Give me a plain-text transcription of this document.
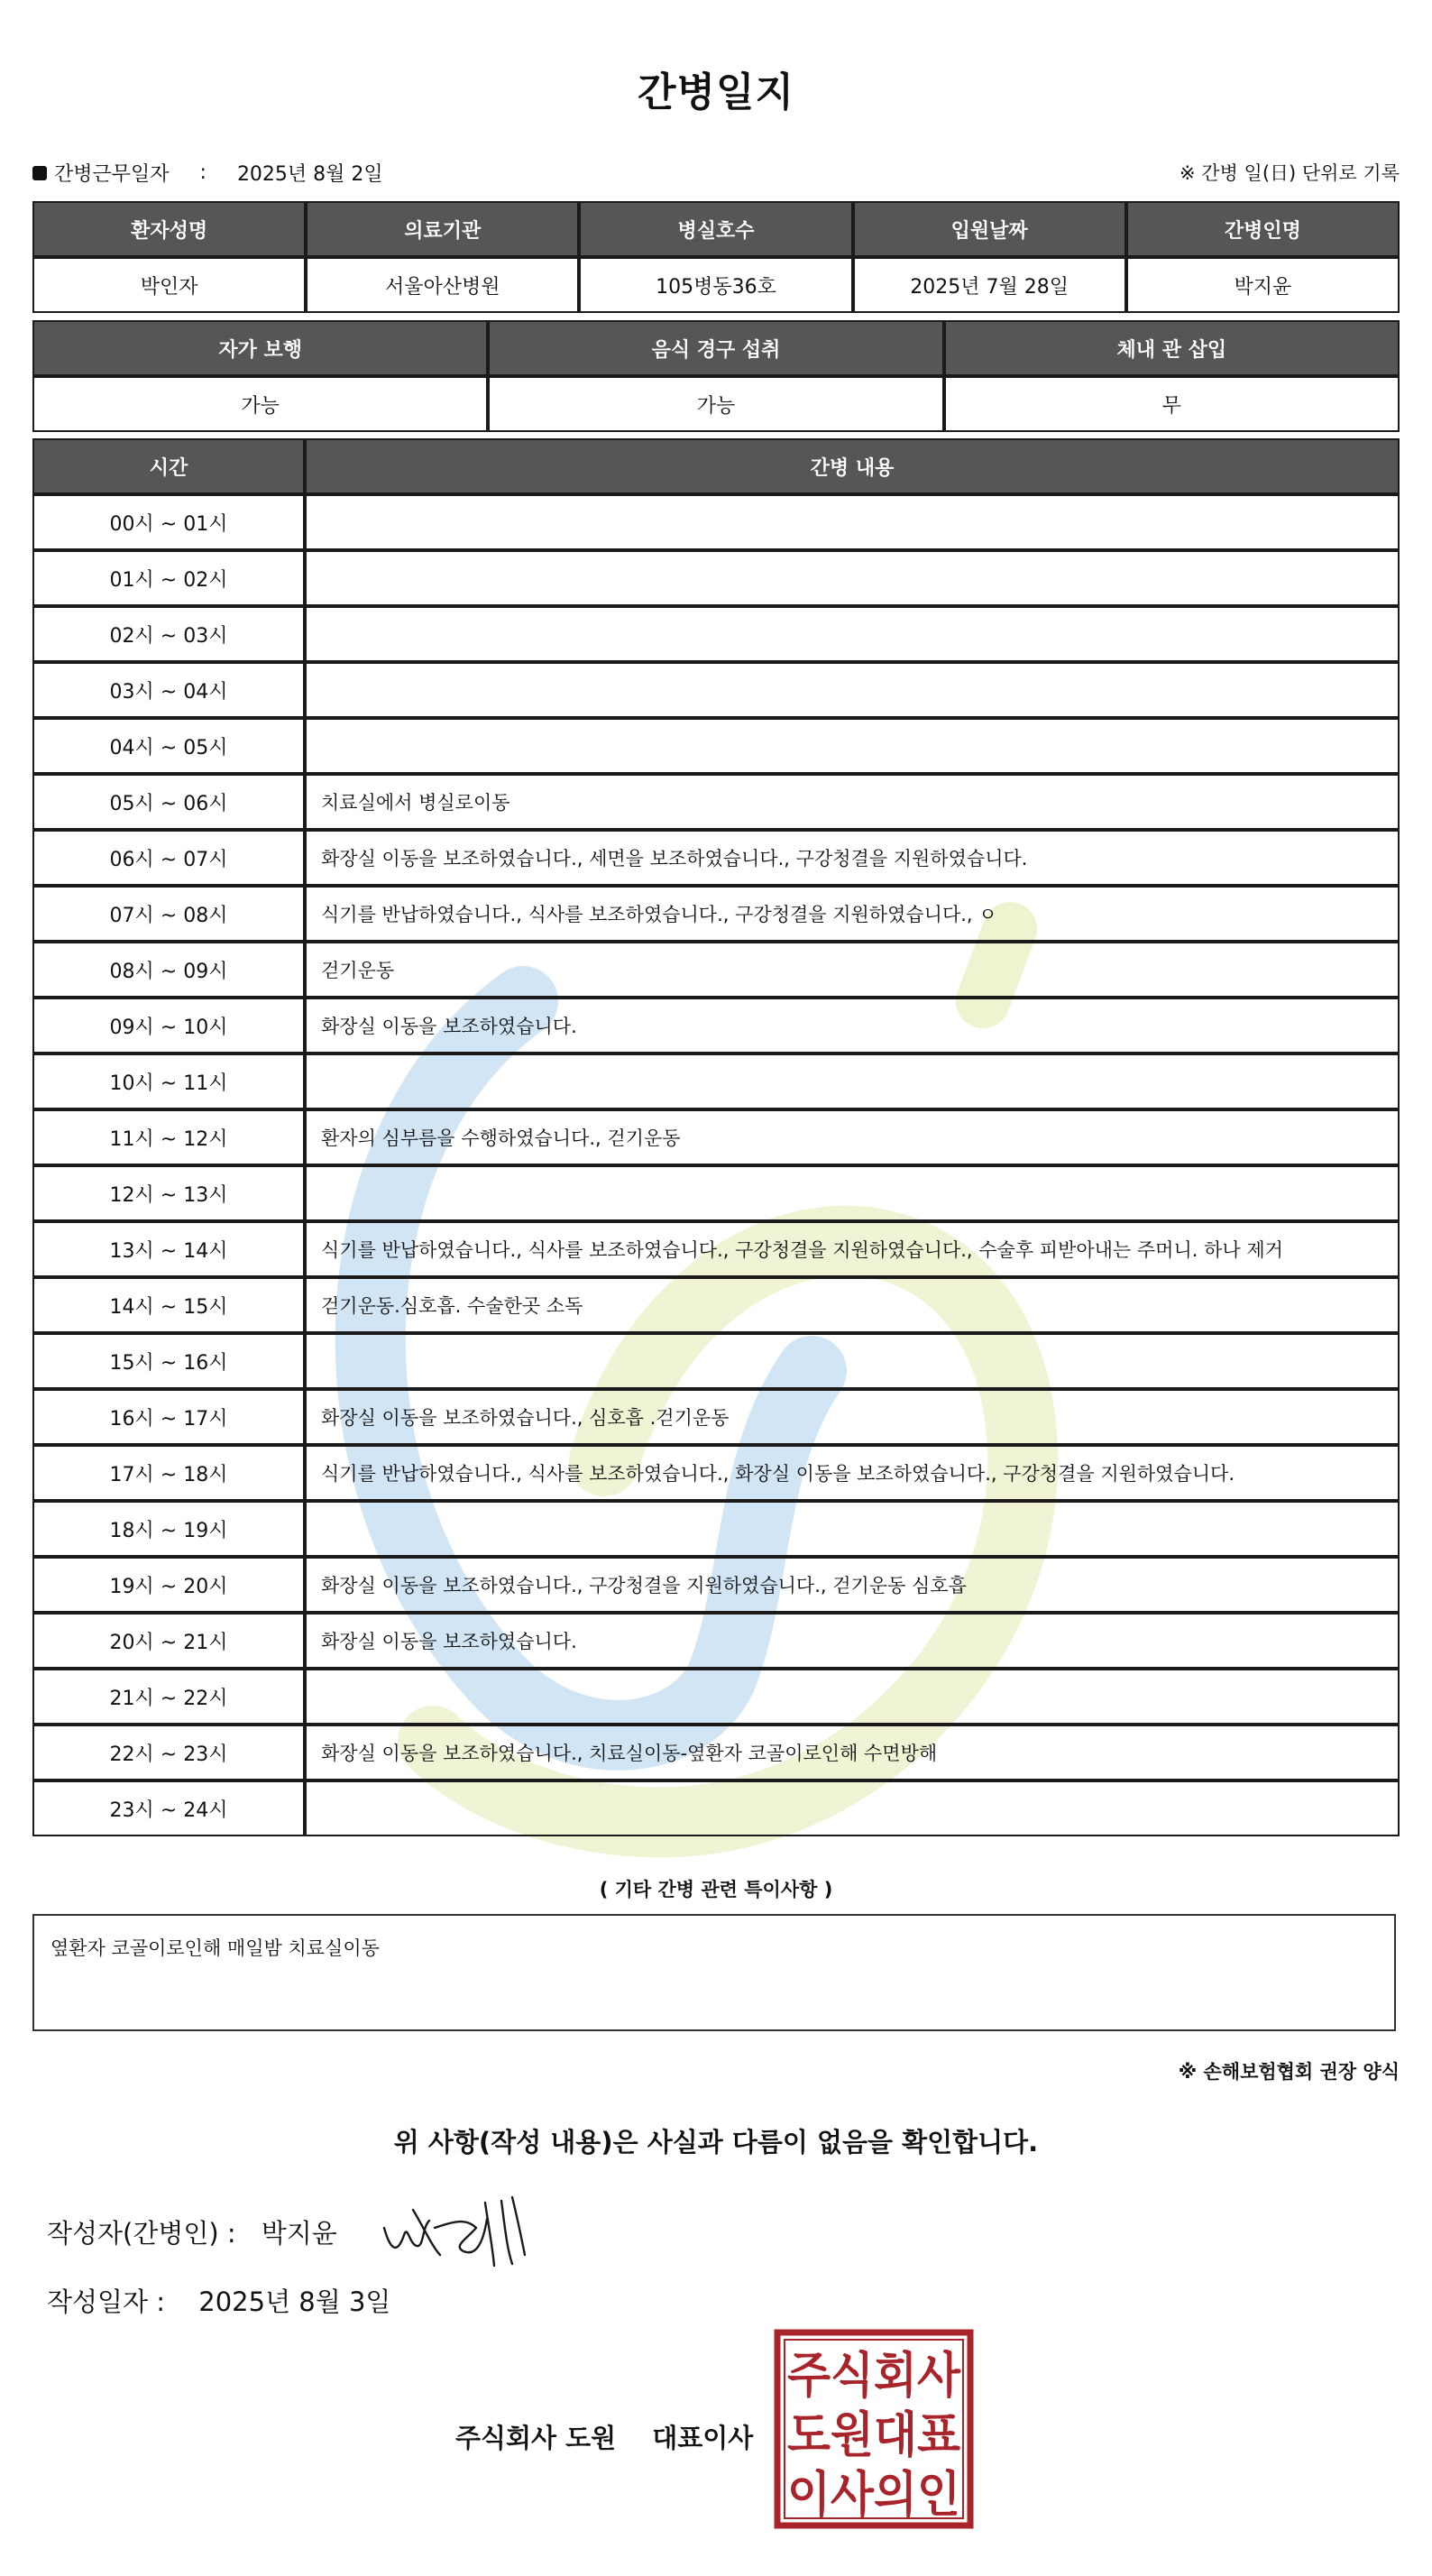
간병일지
간병근무일자 : 2025년 8월 2일	※ 간병 일(日) 단위로 기록
환자성명	의료기관	병실호수	입원날짜	간병인명
박인자	서울아산병원	105병동36호	2025년 7월 28일	박지윤
자가 보행	음식 경구 섭취	체내 관 삽입
가능	가능	무
시간	간병 내용
00시 ~ 01시	
01시 ~ 02시	
02시 ~ 03시	
03시 ~ 04시	
04시 ~ 05시	
05시 ~ 06시	치료실에서 병실로이동
06시 ~ 07시	화장실 이동을 보조하였습니다., 세면을 보조하였습니다., 구강청결을 지원하였습니다.
07시 ~ 08시	식기를 반납하였습니다., 식사를 보조하였습니다., 구강청결을 지원하였습니다., ㅇ
08시 ~ 09시	걷기운동
09시 ~ 10시	화장실 이동을 보조하였습니다.
10시 ~ 11시	
11시 ~ 12시	환자의 심부름을 수행하였습니다., 걷기운동
12시 ~ 13시	
13시 ~ 14시	식기를 반납하였습니다., 식사를 보조하였습니다., 구강청결을 지원하였습니다., 수술후 피받아내는 주머니. 하나 제거
14시 ~ 15시	걷기운동.심호흡. 수술한곳 소독
15시 ~ 16시	
16시 ~ 17시	화장실 이동을 보조하였습니다., 심호흡 .걷기운동
17시 ~ 18시	식기를 반납하였습니다., 식사를 보조하였습니다., 화장실 이동을 보조하였습니다., 구강청결을 지원하였습니다.
18시 ~ 19시	
19시 ~ 20시	화장실 이동을 보조하였습니다., 구강청결을 지원하였습니다., 걷기운동 심호흡
20시 ~ 21시	화장실 이동을 보조하였습니다.
21시 ~ 22시	
22시 ~ 23시	화장실 이동을 보조하였습니다., 치료실이동-옆환자 코골이로인해 수면방해
23시 ~ 24시	
( 기타 간병 관련 특이사항 )
옆환자 코골이로인해 매일밤 치료실이동
※ 손해보험협회 권장 양식
위 사항(작성 내용)은 사실과 다름이 없음을 확인합니다.
작성자(간병인) : 박지윤
작성일자 : 2025년 8월 3일
주식회사 도원 대표이사
주식회사
도원대표
이사의인
